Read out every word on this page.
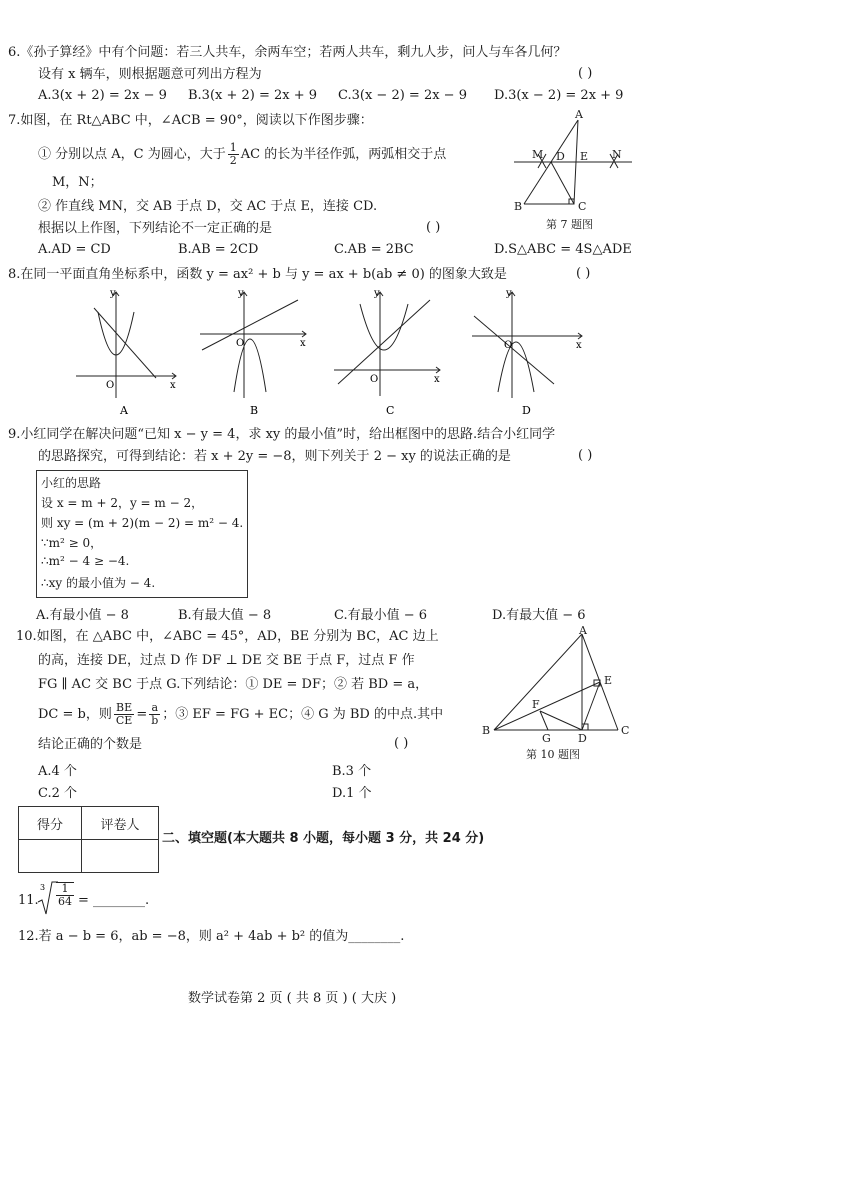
6.《孙子算经》中有个问题：若三人共车，余两车空；若两人共车，剩九人步，问人与车各几何？
设有 x 辆车，则根据题意可列出方程为	( )
A.3(x + 2) = 2x − 9 B.3(x + 2) = 2x + 9 C.3(x − 2) = 2x − 9 D.3(x − 2) = 2x + 9
7.如图，在 Rt△ABC 中，∠ACB = 90°，阅读以下作图步骤：
① 分别以点 A，C 为圆心，大于 $\frac{1}{2}$ AC 的长为半径作弧，两弧相交于点
M，N；
② 作直线 MN，交 AB 于点 D，交 AC 于点 E，连接 CD.
根据以上作图，下列结论不一定正确的是	( )
A.AD = CD	B.AB = 2CD	C.AB = 2BC	D.S△ABC = 4S△ADE
A
B	C
D E
M	N
第 7 题图
8.在同一平面直角坐标系中，函数 y = ax² + b 与 y = ax + b(ab ≠ 0) 的图象大致是	( )
x
y
O
A
x
y
O
B
x
y
O
C
x
y
O
D
9.小红同学在解决问题“已知 x − y = 4，求 xy 的最小值”时，给出框图中的思路.结合小红同学
的思路探究，可得到结论：若 x + 2y = −8，则下列关于 2 − xy 的说法正确的是	( )
小红的思路
设 x = m + 2，y = m − 2，
则 xy = (m + 2)(m − 2) = m² − 4.
∵m² ≥ 0，
∴m² − 4 ≥ −4.
∴xy 的最小值为 − 4.
A.有最小值 − 8	B.有最大值 − 8	C.有最小值 − 6	D.有最大值 − 6
10.如图，在 △ABC 中，∠ABC = 45°，AD，BE 分别为 BC，AC 边上
的高，连接 DE，过点 D 作 DF ⊥ DE 交 BE 于点 F，过点 F 作
FG ∥ AC 交 BC 于点 G.下列结论：① DE = DF；② 若 BD = a，
DC = b，则 $\frac{BE}{CE} = \frac{a}{b}$ ；③ EF = FG + EC；④ G 为 BD 的中点.其中
结论正确的个数是	( )
A.4 个	B.3 个
C.2 个	D.1 个
A
B	C
D
E
F
G
第 10 题图
得分	评卷人

二、填空题(本大题共 8 小题，每小题 3 分，共 24 分)
11.
$3 \frac{1}{64}$ = ________.
12.若 a − b = 6，ab = −8，则 a² + 4ab + b² 的值为________.
数学试卷第 2 页 ( 共 8 页 ) ( 大庆 )
